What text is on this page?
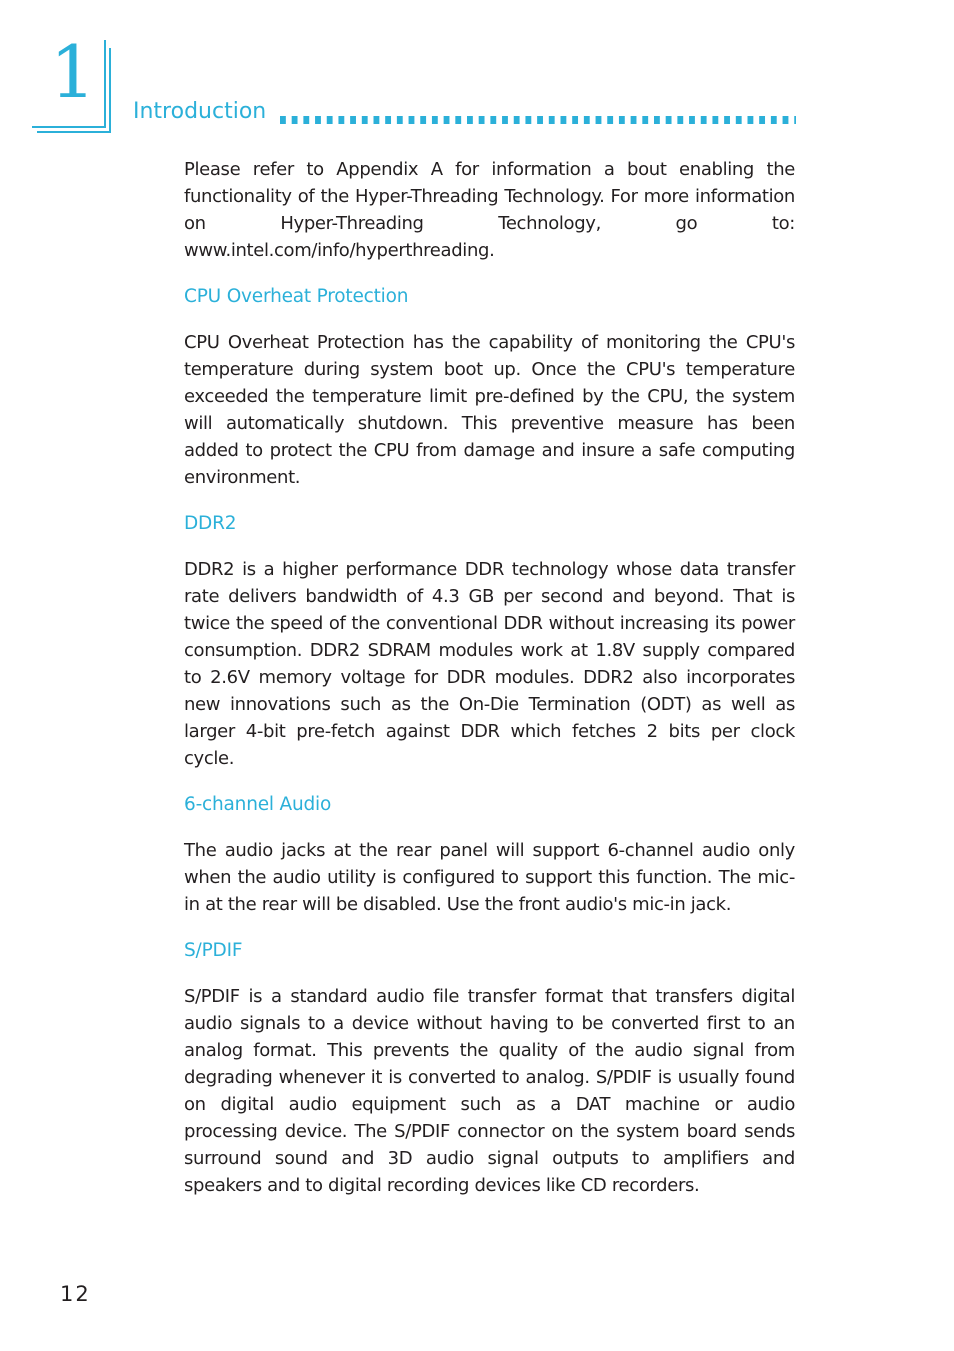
1 Introduction

Please refer to Appendix A for information a bout enabling the functionality of the Hyper-Threading Technology. For more information on Hyper-Threading Technology, go to: www.intel.com/info/hyperthreading.

CPU Overheat Protection

CPU Overheat Protection has the capability of monitoring the CPU's temperature during system boot up. Once the CPU's temperature exceeded the temperature limit pre-defined by the CPU, the system will automatically shutdown. This preventive measure has been added to protect the CPU from damage and insure a safe computing environment.

DDR2

DDR2 is a higher performance DDR technology whose data transfer rate delivers bandwidth of 4.3 GB per second and beyond. That is twice the speed of the conventional DDR without increasing its power consumption. DDR2 SDRAM modules work at 1.8V supply compared to 2.6V memory voltage for DDR modules. DDR2 also incorporates new innovations such as the On-Die Termination (ODT) as well as larger 4-bit pre-fetch against DDR which fetches 2 bits per clock cycle.

6-channel Audio

The audio jacks at the rear panel will support 6-channel audio only when the audio utility is configured to support this function. The mic-in at the rear will be disabled. Use the front audio's mic-in jack.

S/PDIF

S/PDIF is a standard audio file transfer format that transfers digital audio signals to a device without having to be converted first to an analog format. This prevents the quality of the audio signal from degrading whenever it is converted to analog. S/PDIF is usually found on digital audio equipment such as a DAT machine or audio processing device. The S/PDIF connector on the system board sends surround sound and 3D audio signal outputs to amplifiers and speakers and to digital recording devices like CD recorders.

12
